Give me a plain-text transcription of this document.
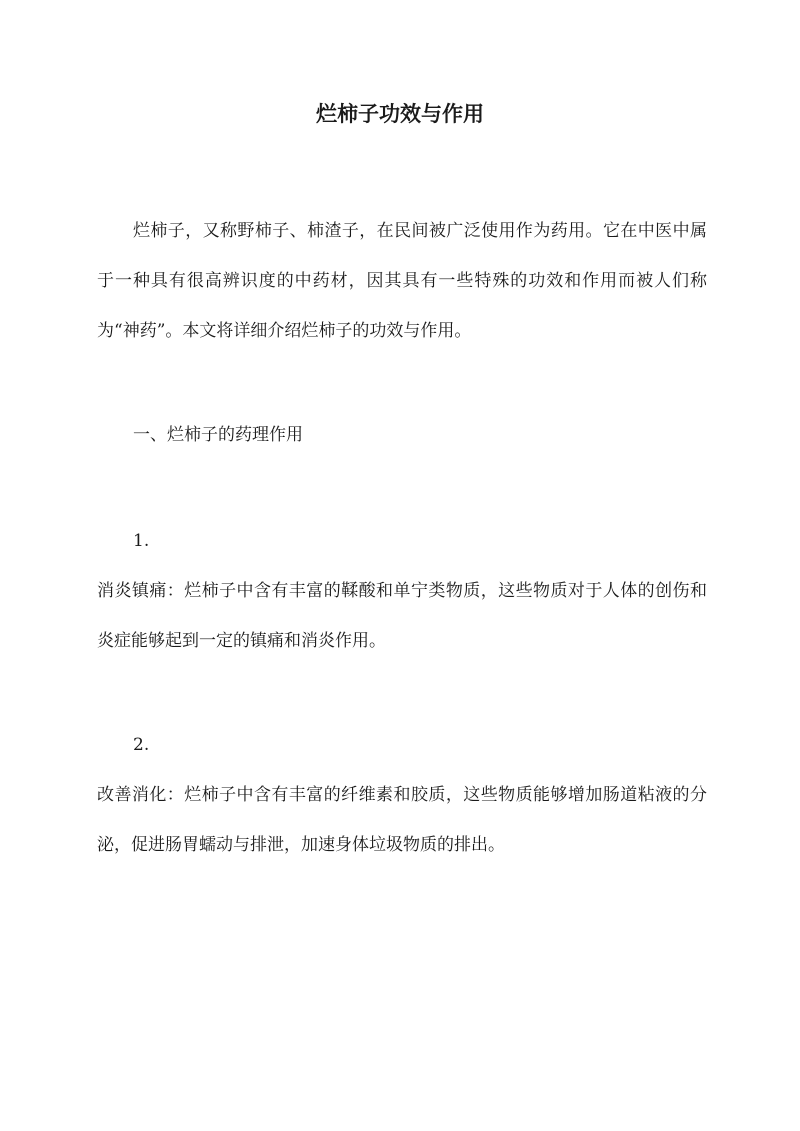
烂柿子功效与作用

烂柿子，又称野柿子、柿渣子，在民间被广泛使用作为药用。它在中医中属于一种具有很高辨识度的中药材，因其具有一些特殊的功效和作用而被人们称为“神药”。本文将详细介绍烂柿子的功效与作用。

一、烂柿子的药理作用

1.

消炎镇痛：烂柿子中含有丰富的鞣酸和单宁类物质，这些物质对于人体的创伤和炎症能够起到一定的镇痛和消炎作用。

2.

改善消化：烂柿子中含有丰富的纤维素和胶质，这些物质能够增加肠道粘液的分泌，促进肠胃蠕动与排泄，加速身体垃圾物质的排出。
